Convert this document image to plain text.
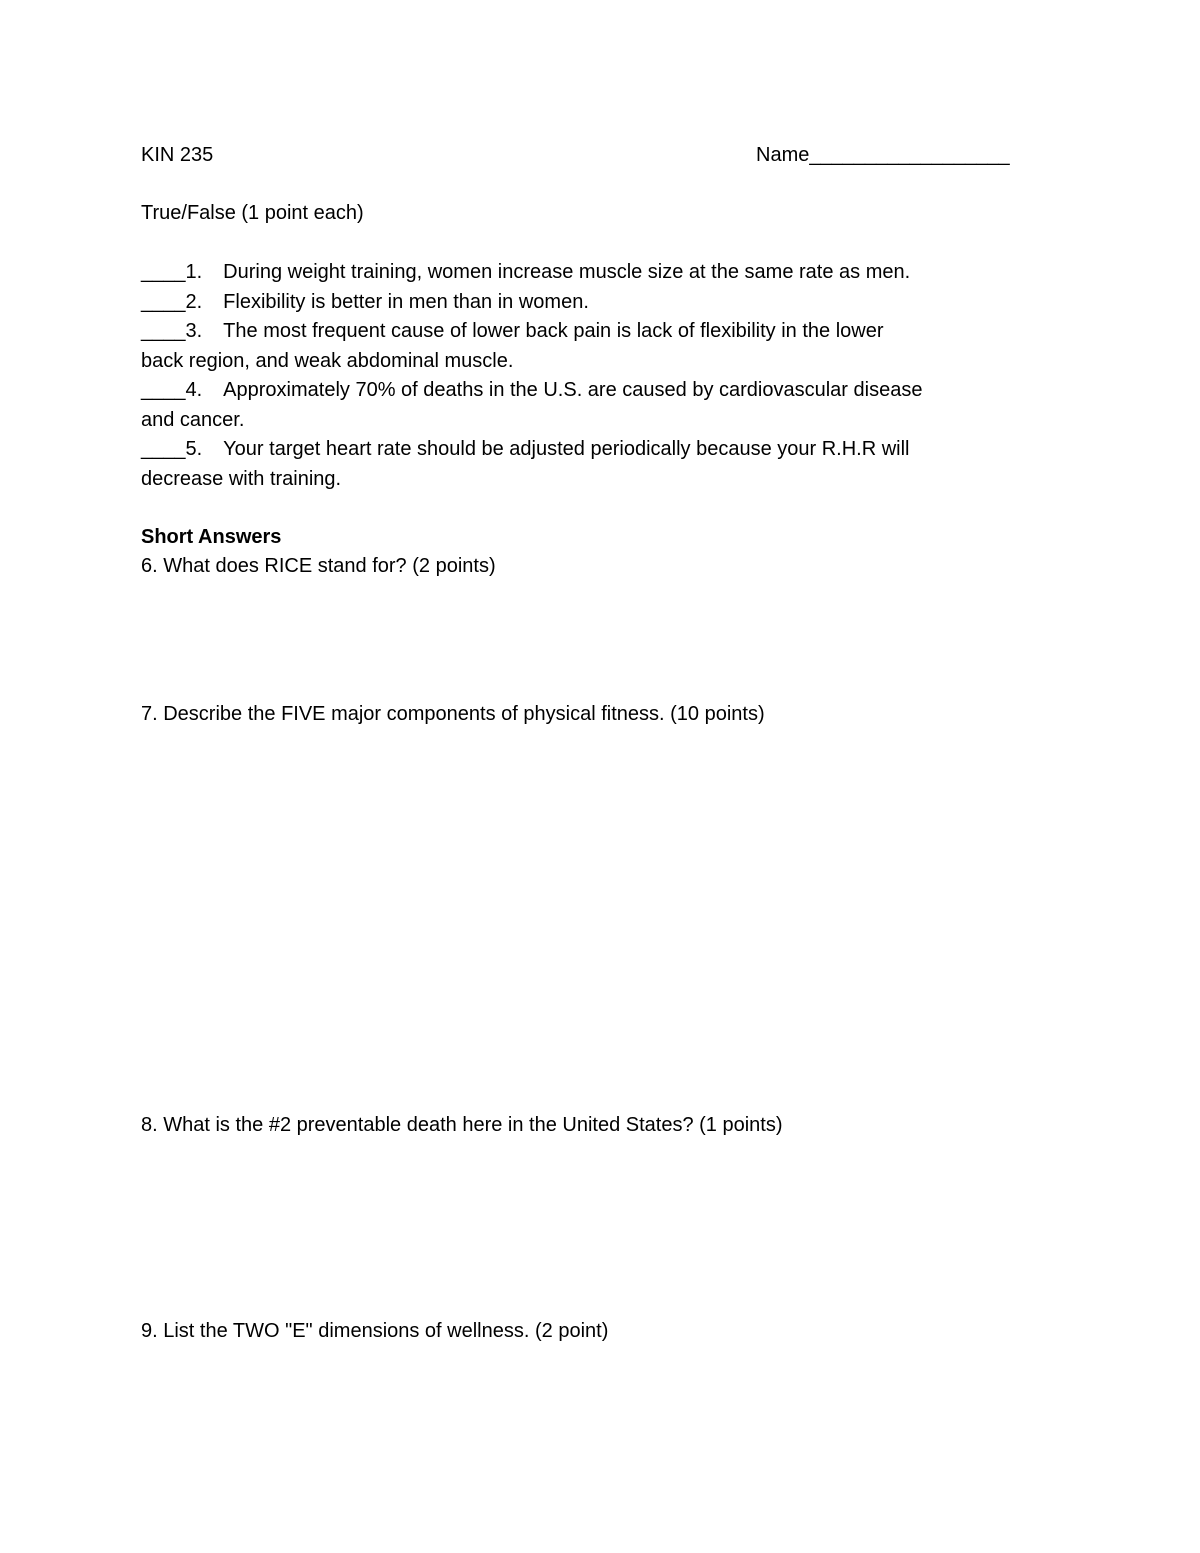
KIN 235	Name__________________
True/False (1 point each)
____1. During weight training, women increase muscle size at the same rate as men.
____2. Flexibility is better in men than in women.
____3. The most frequent cause of lower back pain is lack of flexibility in the lower
back region, and weak abdominal muscle.
____4. Approximately 70% of deaths in the U.S. are caused by cardiovascular disease
and cancer.
____5. Your target heart rate should be adjusted periodically because your R.H.R will
decrease with training.
Short Answers
6. What does RICE stand for? (2 points)
7. Describe the FIVE major components of physical fitness. (10 points)
8. What is the #2 preventable death here in the United States? (1 points)
9. List the TWO "E" dimensions of wellness. (2 point)
